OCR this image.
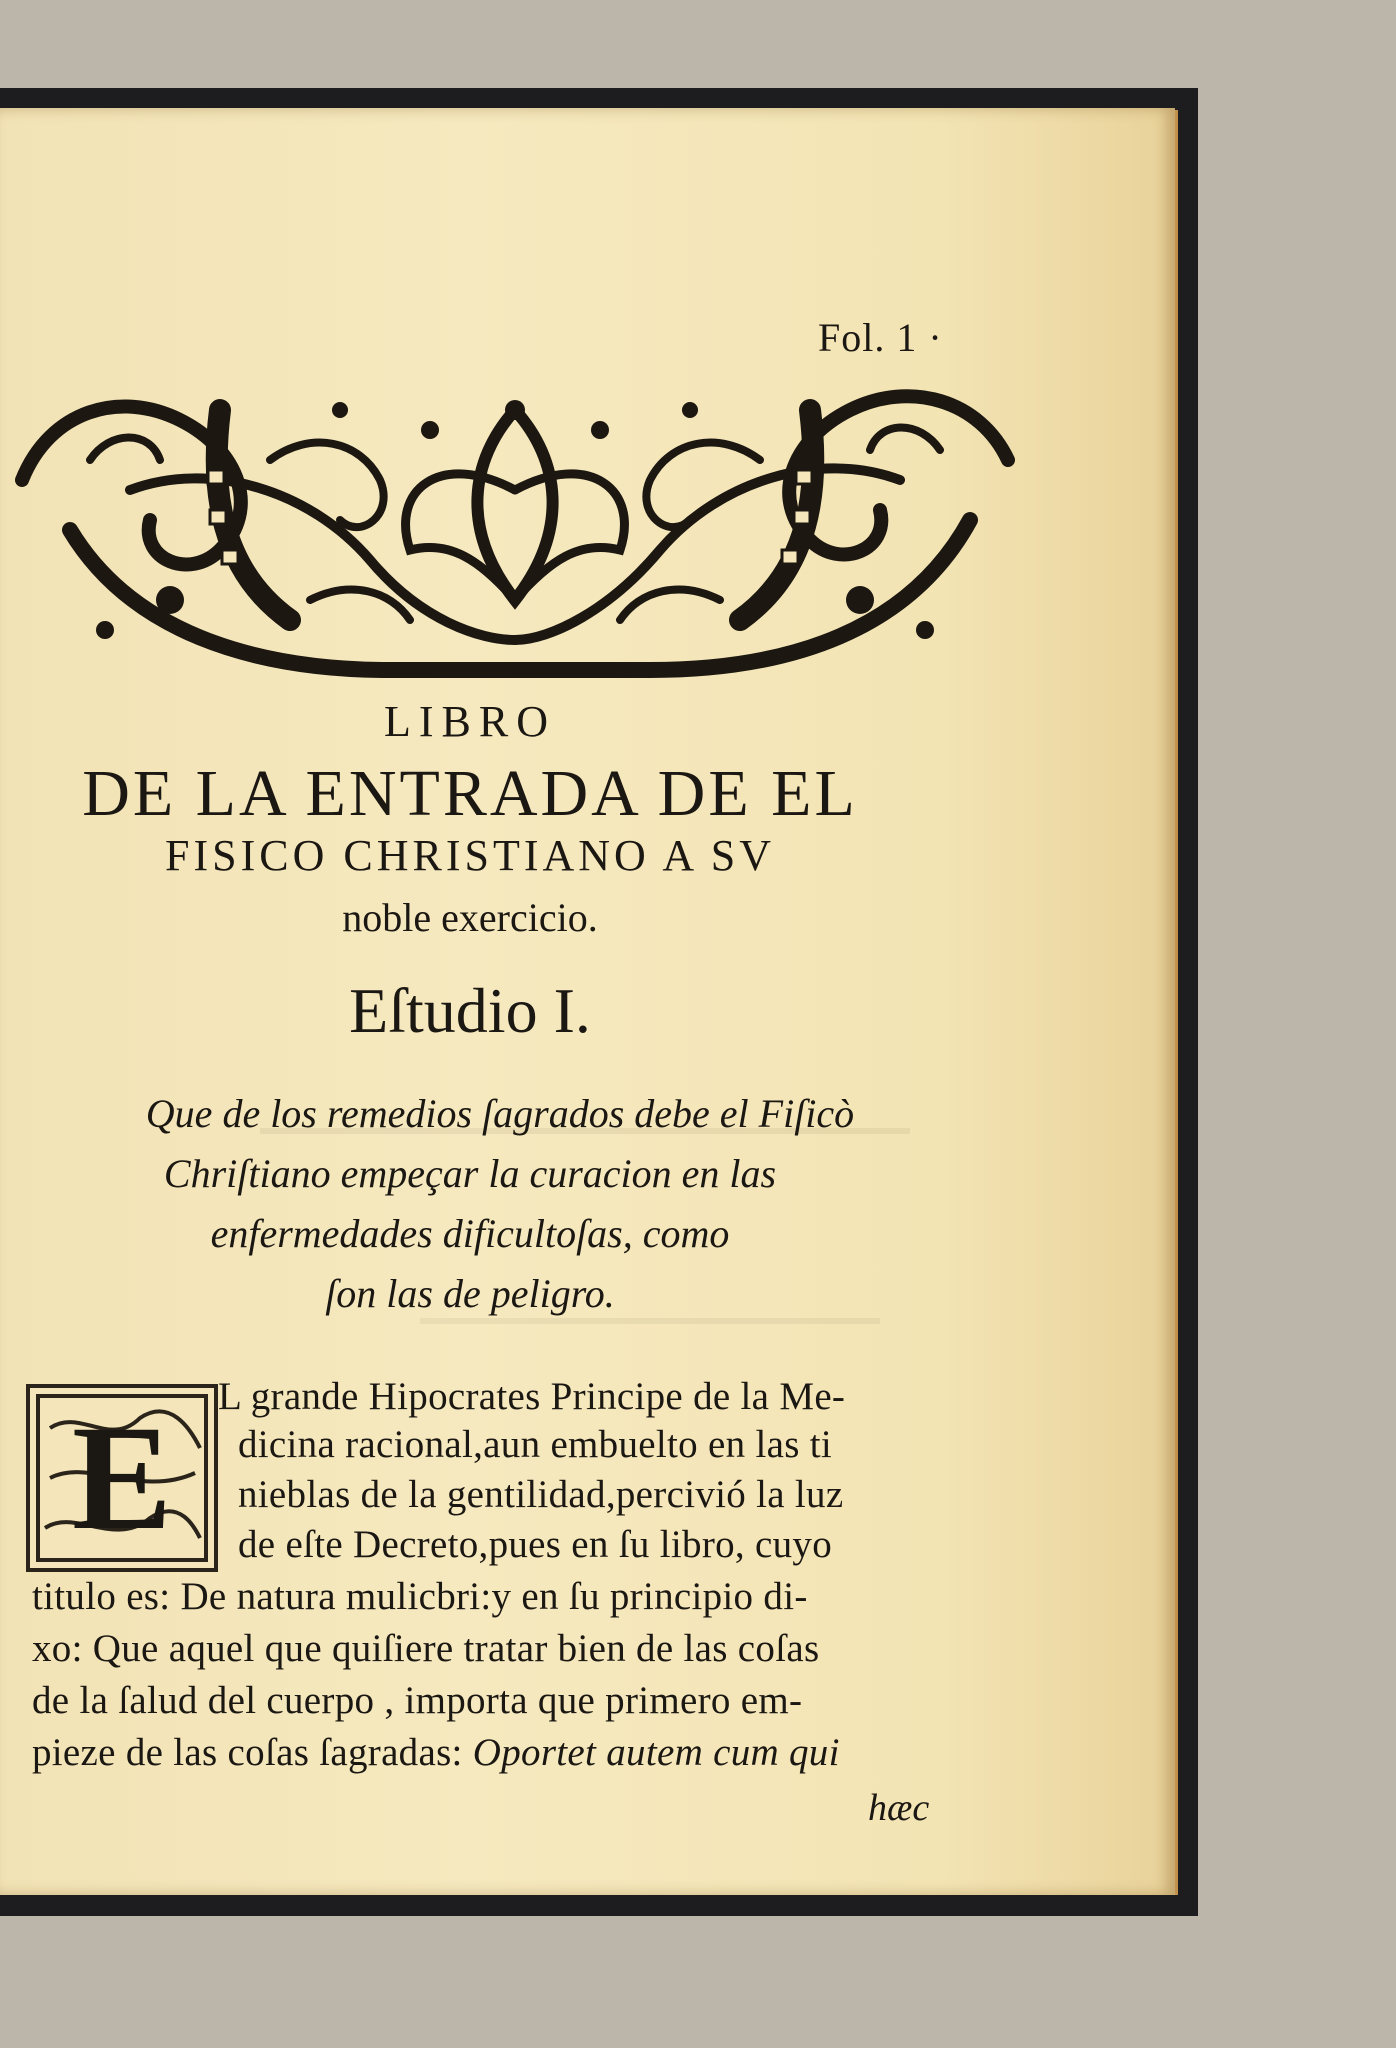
Fol. 1 ·

LIBRO

DE LA ENTRADA DE EL

FISICO CHRISTIANO A SV

noble exercicio.

Eſtudio I.

Que de los remedios ſagrados debe el Fiſicò

Chriſtiano empeçar la curacion en las

enfermedades dificultoſas, como

ſon las de peligro.

E	L grande Hipocrates Principe de la Me-

dicina racional,aun embuelto en las ti

nieblas de la gentilidad,percivió la luz

de eſte Decreto,pues en ſu libro, cuyo

titulo es: De natura mulicbri:y en ſu principio di-

xo: Que aquel que quiſiere tratar bien de las coſas

de la ſalud del cuerpo , importa que primero em-

pieze de las coſas ſagradas: Oportet autem cum qui

hæc
